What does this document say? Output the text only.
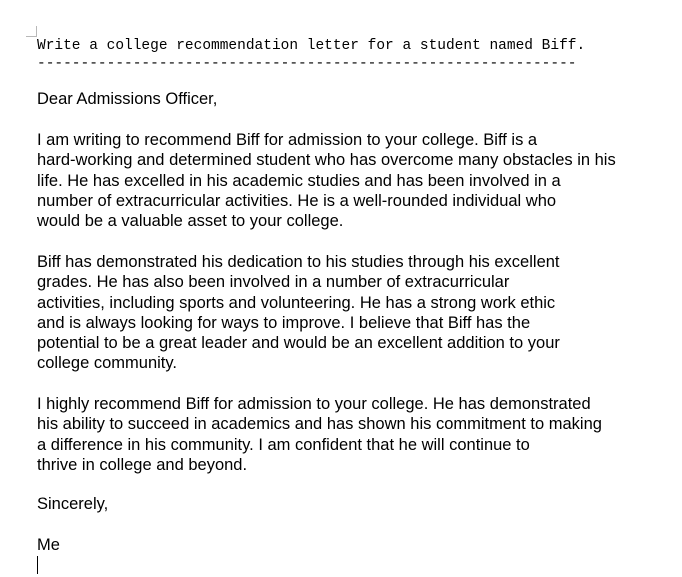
Write a college recommendation letter for a student named Biff.
--------------------------------------------------------------
Dear Admissions Officer,
I am writing to recommend Biff for admission to your college. Biff is a
hard-working and determined student who has overcome many obstacles in his
life. He has excelled in his academic studies and has been involved in a
number of extracurricular activities. He is a well-rounded individual who
would be a valuable asset to your college.
Biff has demonstrated his dedication to his studies through his excellent
grades. He has also been involved in a number of extracurricular
activities, including sports and volunteering. He has a strong work ethic
and is always looking for ways to improve. I believe that Biff has the
potential to be a great leader and would be an excellent addition to your
college community.
I highly recommend Biff for admission to your college. He has demonstrated
his ability to succeed in academics and has shown his commitment to making
a difference in his community. I am confident that he will continue to
thrive in college and beyond.
Sincerely,
Me
